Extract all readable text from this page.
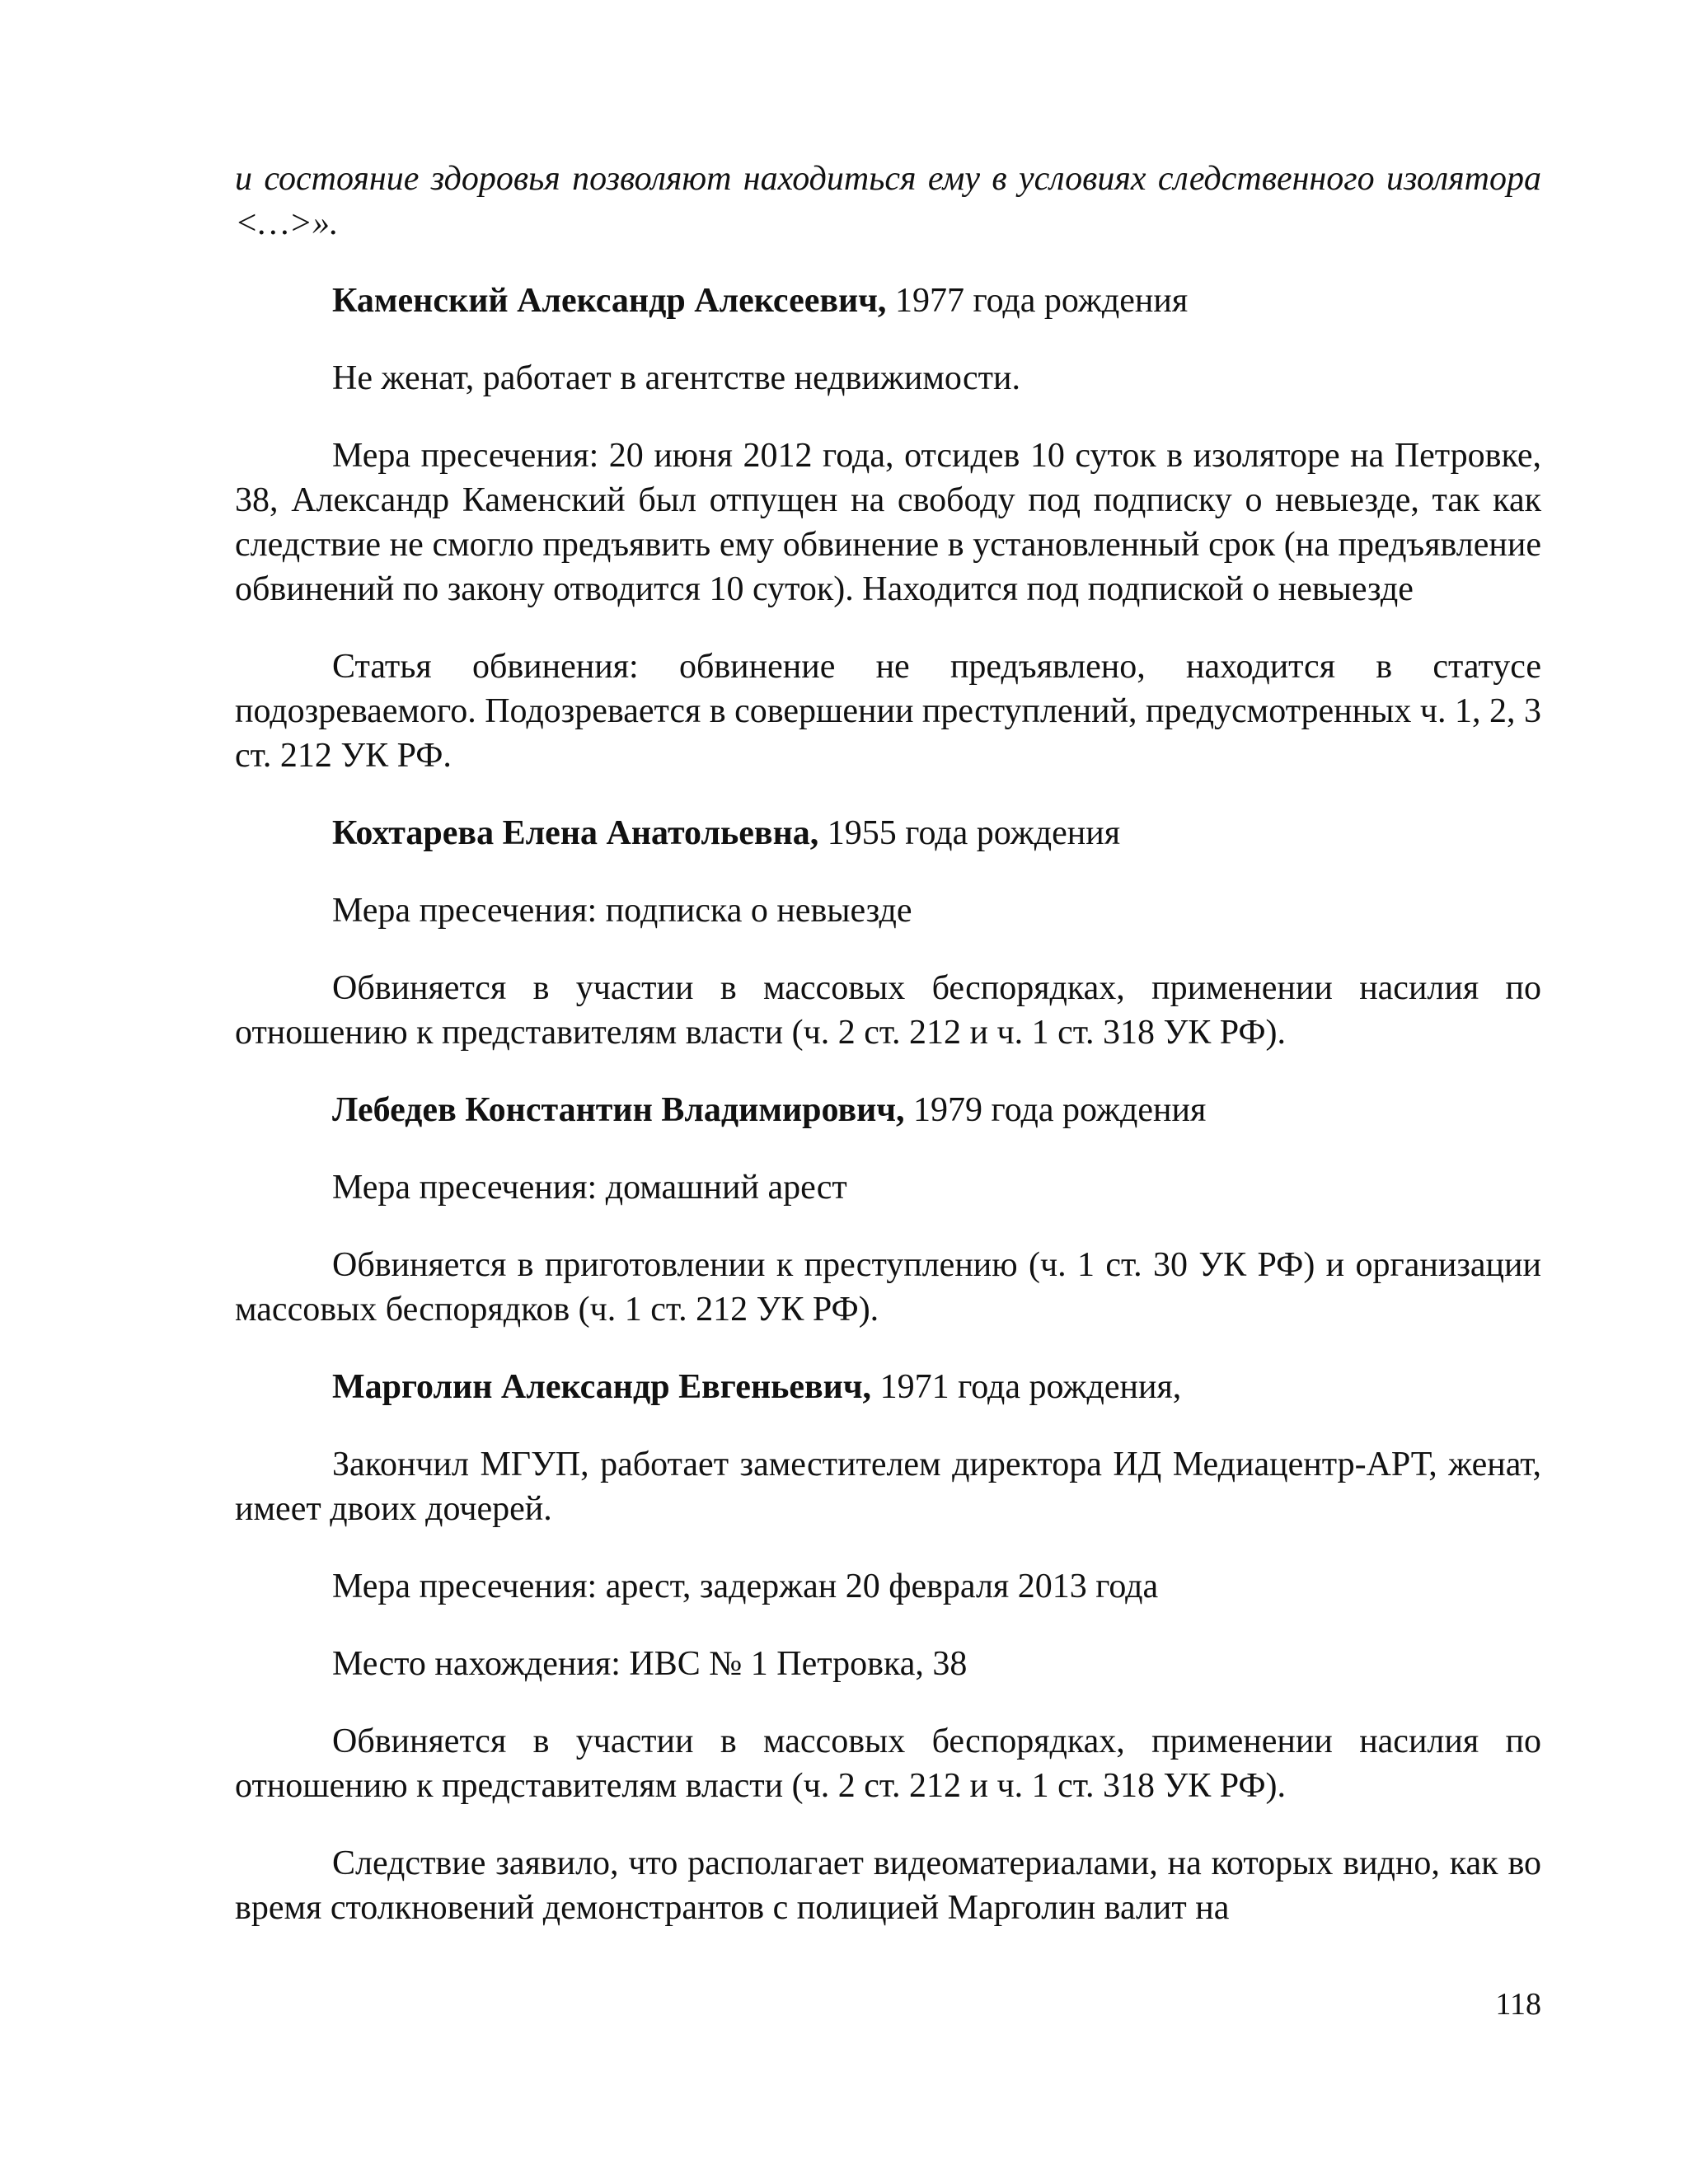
и состояние здоровья позволяют находиться ему в условиях следственного изолятора <…>».

Каменский Александр Алексеевич, 1977 года рождения

Не женат, работает в агентстве недвижимости.

Мера пресечения: 20 июня 2012 года, отсидев 10 суток в изоляторе на Петровке, 38, Александр Каменский был отпущен на свободу под подписку о невыезде, так как следствие не смогло предъявить ему обвинение в установленный срок (на предъявление обвинений по закону отводится 10 суток). Находится под подпиской о невыезде

Статья обвинения: обвинение не предъявлено, находится в статусе подозреваемого. Подозревается в совершении преступлений, предусмотренных ч. 1, 2, 3 ст. 212 УК РФ.

Кохтарева Елена Анатольевна, 1955 года рождения

Мера пресечения: подписка о невыезде

Обвиняется в участии в массовых беспорядках, применении насилия по отношению к представителям власти (ч. 2 ст. 212 и ч. 1 ст. 318 УК РФ).

Лебедев Константин Владимирович, 1979 года рождения

Мера пресечения: домашний арест

Обвиняется в приготовлении к преступлению (ч. 1 ст. 30 УК РФ) и организации массовых беспорядков (ч. 1 ст. 212 УК РФ).

Марголин Александр Евгеньевич, 1971 года рождения,

Закончил МГУП, работает заместителем директора ИД Медиацентр-АРТ, женат, имеет двоих дочерей.

Мера пресечения: арест, задержан 20 февраля 2013 года

Место нахождения: ИВС № 1 Петровка, 38

Обвиняется в участии в массовых беспорядках, применении насилия по отношению к представителям власти (ч. 2 ст. 212 и ч. 1 ст. 318 УК РФ).

Следствие заявило, что располагает видеоматериалами, на которых видно, как во время столкновений демонстрантов с полицией Марголин валит на

118
